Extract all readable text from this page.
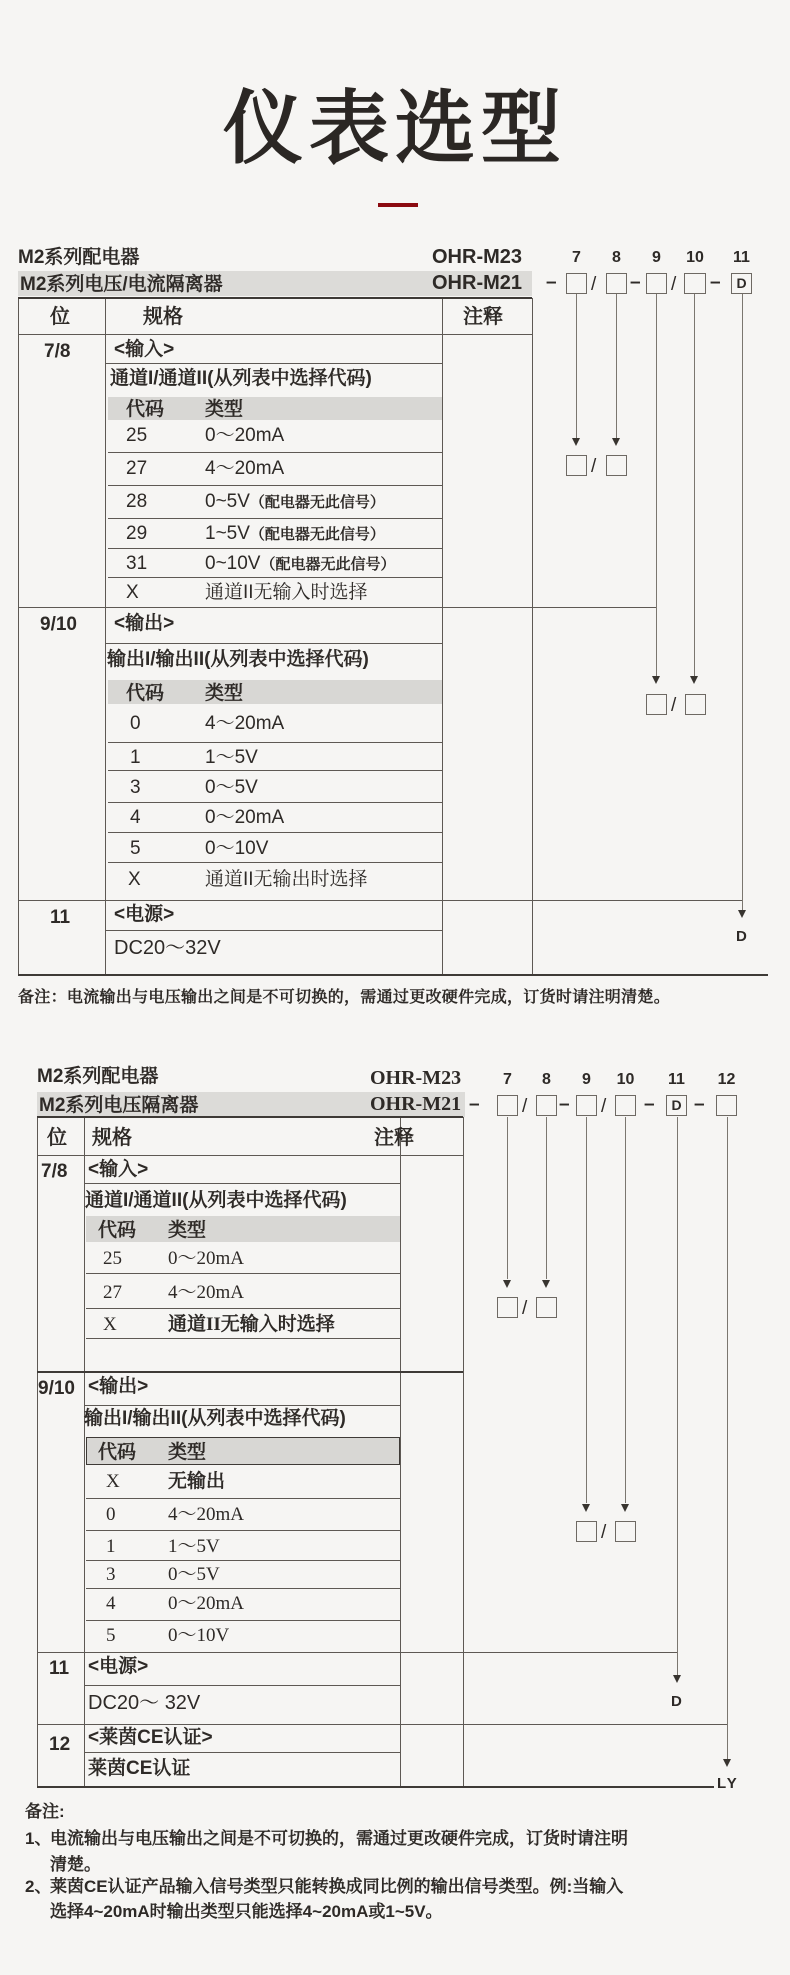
仪表选型
M2系列配电器
M2系列电压/电流隔离器
OHR-M23
OHR-M21
7	8	9	10 11
– / – / –	D
位	规格	注释
7/8 <输入>
通道I/通道II(从列表中选择代码)
代码 类型
25	0～20mA
27	4～20mA
28	0~5V（配电器无此信号）
29	1~5V（配电器无此信号）
31	0~10V（配电器无此信号）
X	通道II无输入时选择
9/10 <输出>
输出I/输出II(从列表中选择代码)
代码 类型
0	4～20mA
1	1～5V
3	0～5V
4	0～20mA
5	0～10V
X	通道II无输出时选择
11 <电源>
DC20～32V
/
/
D
备注：电流输出与电压输出之间是不可切换的，需通过更改硬件完成，订货时请注明清楚。
M2系列配电器
M2系列电压隔离器
OHR-M23
OHR-M21
7	8	9	10 11 12
– / – / –	D –
位 规格	注释
7/8 <输入>
通道I/通道II(从列表中选择代码)
代码 类型
25 0～20mA
27 4～20mA
X	通道II无输入时选择
9/10 <输出>
输出I/输出II(从列表中选择代码)
代码 类型
X	无输出
0	4～20mA
1	1～5V
3	0～5V
4	0～20mA
5	0～10V
11 <电源>
DC20～ 32V
12 <莱茵CE认证>
莱茵CE认证
/
/
D
LY
备注:
1、
电流输出与电压输出之间是不可切换的，需通过更改硬件完成，订货时请注明
清楚。
2、
莱茵CE认证产品输入信号类型只能转换成同比例的输出信号类型。例:当输入
选择4~20mA时输出类型只能选择4~20mA或1~5V。
